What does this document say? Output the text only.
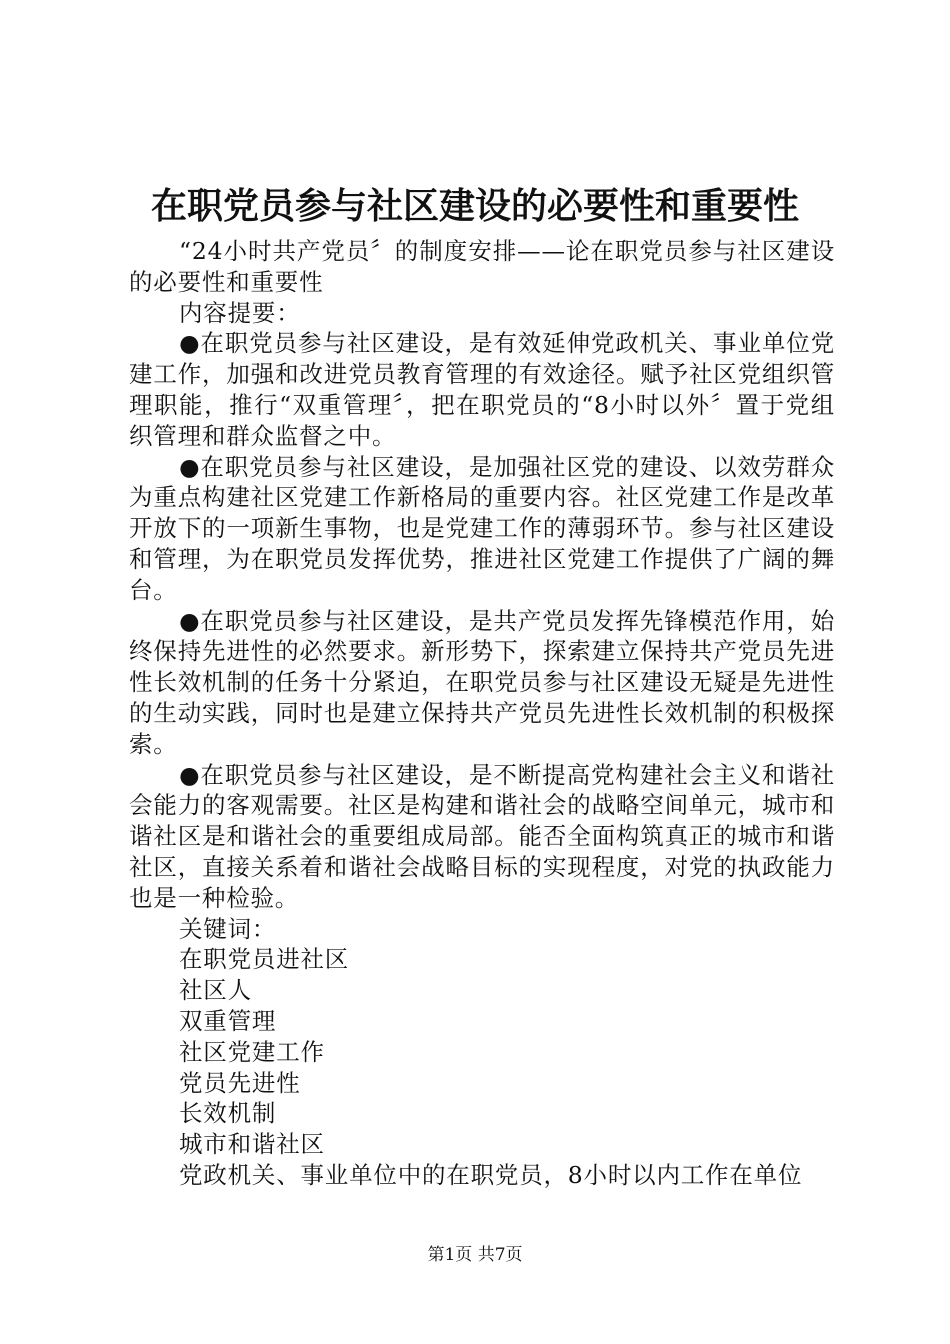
在职党员参与社区建设的必要性和重要性

“24小时共产党员〞的制度安排——论在职党员参与社区建设的必要性和重要性

内容提要：

●在职党员参与社区建设，是有效延伸党政机关、事业单位党建工作，加强和改进党员教育管理的有效途径。赋予社区党组织管理职能，推行“双重管理〞，把在职党员的“8小时以外〞置于党组织管理和群众监督之中。

●在职党员参与社区建设，是加强社区党的建设、以效劳群众为重点构建社区党建工作新格局的重要内容。社区党建工作是改革开放下的一项新生事物，也是党建工作的薄弱环节。参与社区建设和管理，为在职党员发挥优势，推进社区党建工作提供了广阔的舞台。

●在职党员参与社区建设，是共产党员发挥先锋模范作用，始终保持先进性的必然要求。新形势下，探索建立保持共产党员先进性长效机制的任务十分紧迫，在职党员参与社区建设无疑是先进性的生动实践，同时也是建立保持共产党员先进性长效机制的积极探索。

●在职党员参与社区建设，是不断提高党构建社会主义和谐社会能力的客观需要。社区是构建和谐社会的战略空间单元，城市和谐社区是和谐社会的重要组成局部。能否全面构筑真正的城市和谐社区，直接关系着和谐社会战略目标的实现程度，对党的执政能力也是一种检验。

关键词：

在职党员进社区

社区人

双重管理

社区党建工作

党员先进性

长效机制

城市和谐社区

党政机关、事业单位中的在职党员，8小时以内工作在单位

第1页 共7页
